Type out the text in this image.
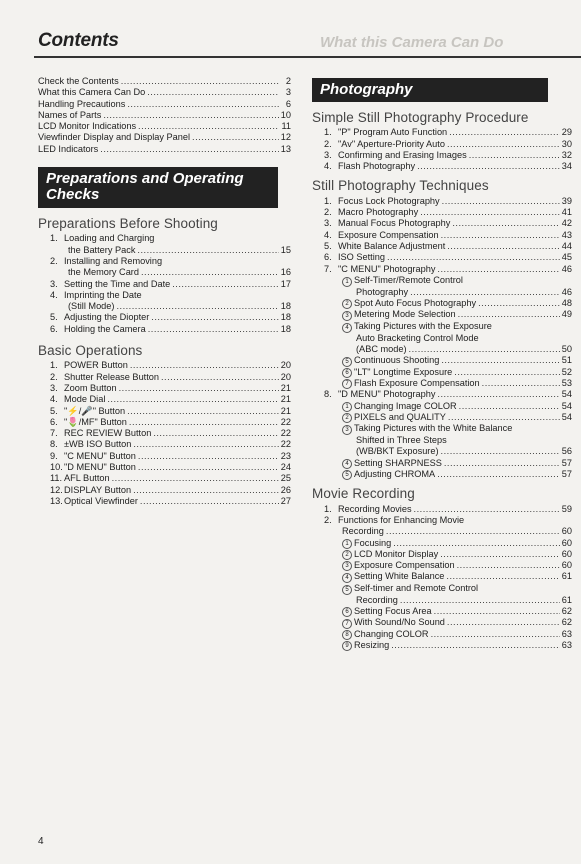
What this Camera Can Do
Contents
Check the Contents .....	2
What this Camera Can Do .....	3
Handling Precautions .....	6
Names of Parts .....	10
LCD Monitor Indications .....	11
Viewfinder Display and Display Panel .....	12
LED Indicators .....	13
Preparations and Operating
Checks
Preparations Before Shooting
1. Loading and Charging
the Battery Pack .....	15
2. Installing and Removing
the Memory Card .....	16
3. Setting the Time and Date .....	17
4. Imprinting the Date
(Still Mode) .....	18
5. Adjusting the Diopter .....	18
6. Holding the Camera .....	18
Basic Operations
1. POWER Button .....	20
2. Shutter Release Button .....	20
3. Zoom Button .....	21
4. Mode Dial .....	21
5. "⚡/🎤" Button .....	21
6. "🌷/MF" Button .....	22
7. REC REVIEW Button .....	22
8. ±WB ISO Button .....	22
9. "C MENU" Button .....	23
10. "D MENU" Button .....	24
11. AFL Button .....	25
12. DISPLAY Button .....	26
13. Optical Viewfinder .....	27
Photography
Simple Still Photography Procedure
1. "P" Program Auto Function .....	29
2. "Av" Aperture-Priority Auto .....	30
3. Confirming and Erasing Images .....	32
4. Flash Photography .....	34
Still Photography Techniques
1. Focus Lock Photography .....	39
2. Macro Photography .....	41
3. Manual Focus Photography .....	42
4. Exposure Compensation .....	43
5. White Balance Adjustment .....	44
6. ISO Setting .....	45
7. "C MENU" Photography .....	46
1 Self-Timer/Remote Control
Photography .....	46
2 Spot Auto Focus Photography .....	48
3 Metering Mode Selection .....	49
4 Taking Pictures with the Exposure
Auto Bracketing Control Mode
(ABC mode) .....	50
5 Continuous Shooting .....	51
6 "LT" Longtime Exposure .....	52
7 Flash Exposure Compensation .....	53
8. "D MENU" Photography .....	54
1 Changing Image COLOR .....	54
2 PIXELS and QUALITY .....	54
3 Taking Pictures with the White Balance
Shifted in Three Steps
(WB/BKT Exposure) .....	56
4 Setting SHARPNESS .....	57
5 Adjusting CHROMA .....	57
Movie Recording
1. Recording Movies .....	59
2. Functions for Enhancing Movie
Recording .....	60
1 Focusing .....	60
2 LCD Monitor Display .....	60
3 Exposure Compensation .....	60
4 Setting White Balance .....	61
5 Self-timer and Remote Control
Recording .....	61
6 Setting Focus Area .....	62
7 With Sound/No Sound .....	62
8 Changing COLOR .....	63
9 Resizing .....	63
4
